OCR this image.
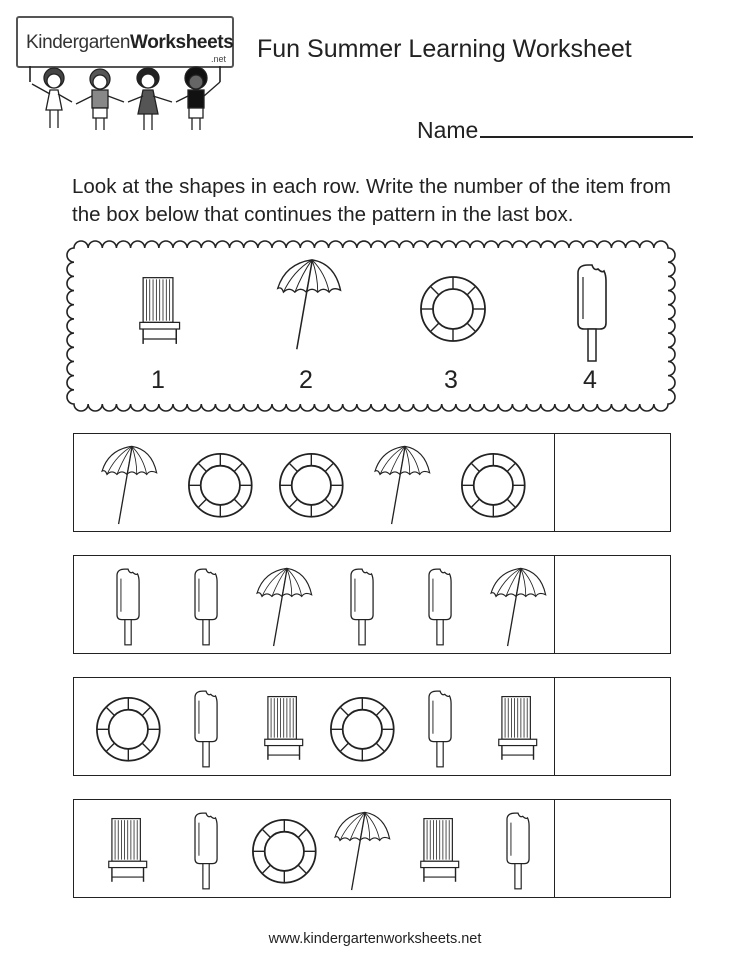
KindergartenWorksheets
.net Fun Summer Learning Worksheet
Name
Look at the shapes in each row. Write the number of the item from the box below that continues the pattern in the last box.
1	2	3	4
www.kindergartenworksheets.net
